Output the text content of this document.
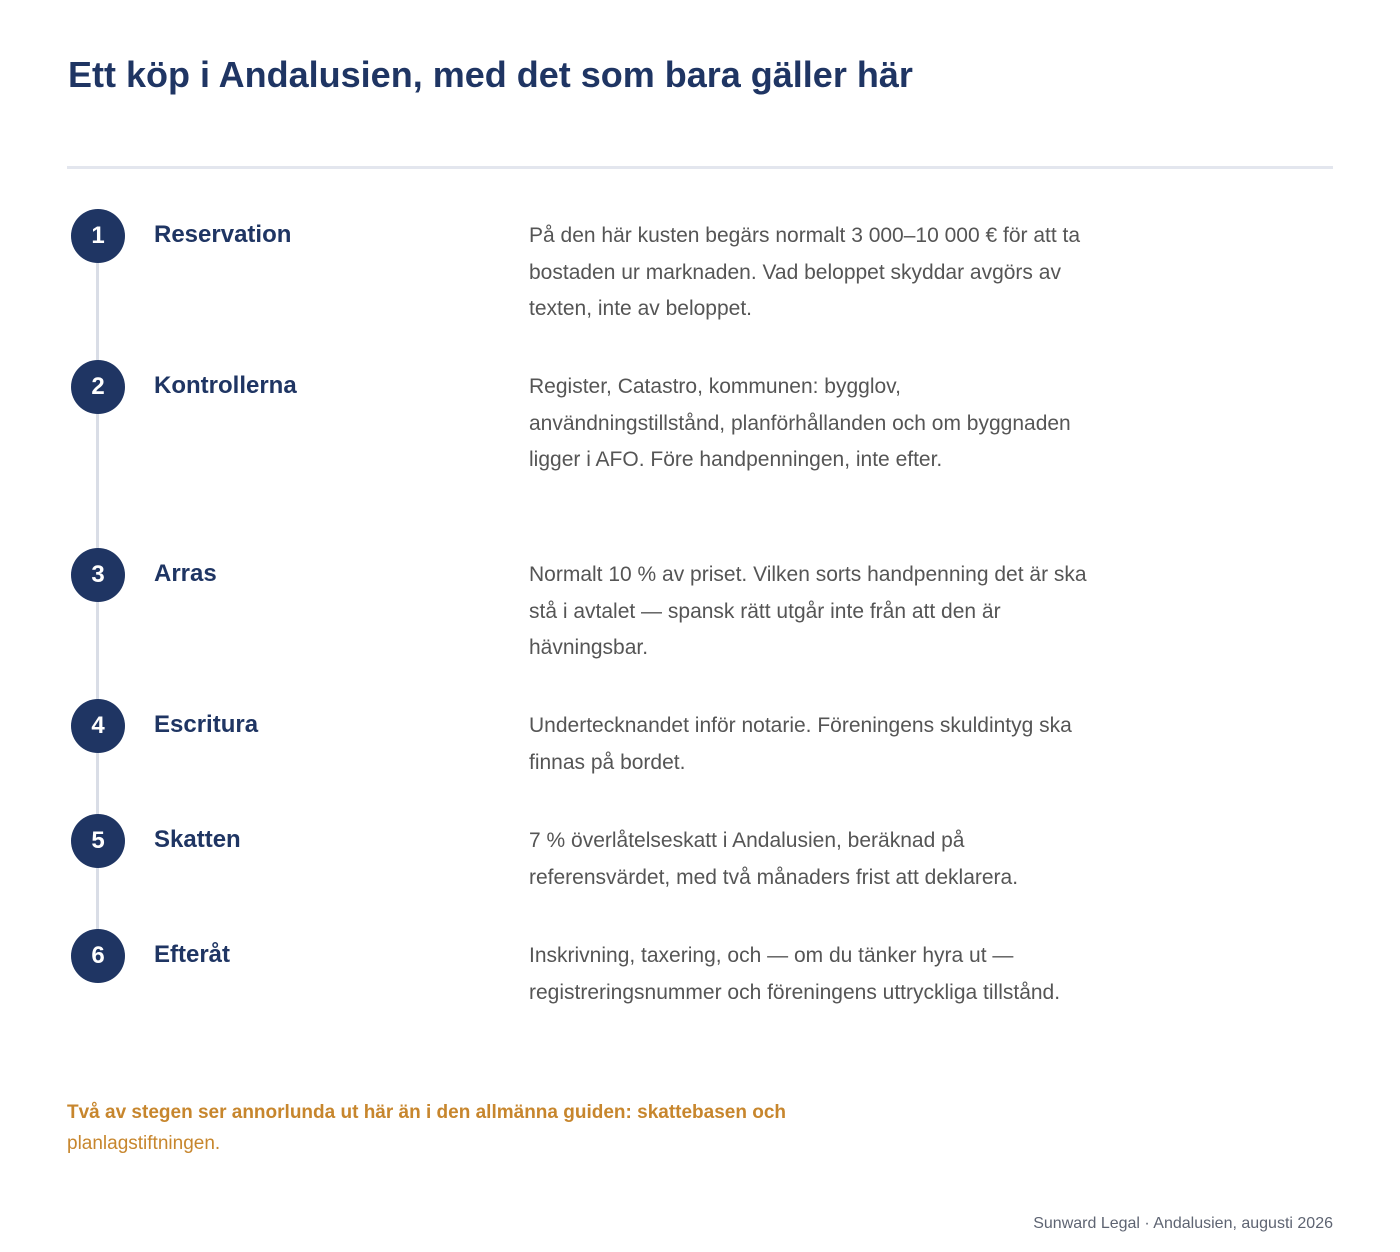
Ett köp i Andalusien, med det som bara gäller här
1	Reservation	På den här kusten begärs normalt 3 000–10 000 € för att ta bostaden ur marknaden. Vad beloppet skyddar avgörs av texten, inte av beloppet.
2	Kontrollerna	Register, Catastro, kommunen: bygglov, användningstillstånd, planförhållanden och om byggnaden ligger i AFO. Före handpenningen, inte efter.
3	Arras	Normalt 10 % av priset. Vilken sorts handpenning det är ska stå i avtalet — spansk rätt utgår inte från att den är hävningsbar.
4	Escritura	Undertecknandet inför notarie. Föreningens skuldintyg ska finnas på bordet.
5	Skatten	7 % överlåtelseskatt i Andalusien, beräknad på referensvärdet, med två månaders frist att deklarera.
6	Efteråt	Inskrivning, taxering, och — om du tänker hyra ut — registreringsnummer och föreningens uttryckliga tillstånd.
Två av stegen ser annorlunda ut här än i den allmänna guiden: skattebasen och
planlagstiftningen.
Sunward Legal · Andalusien, augusti 2026
